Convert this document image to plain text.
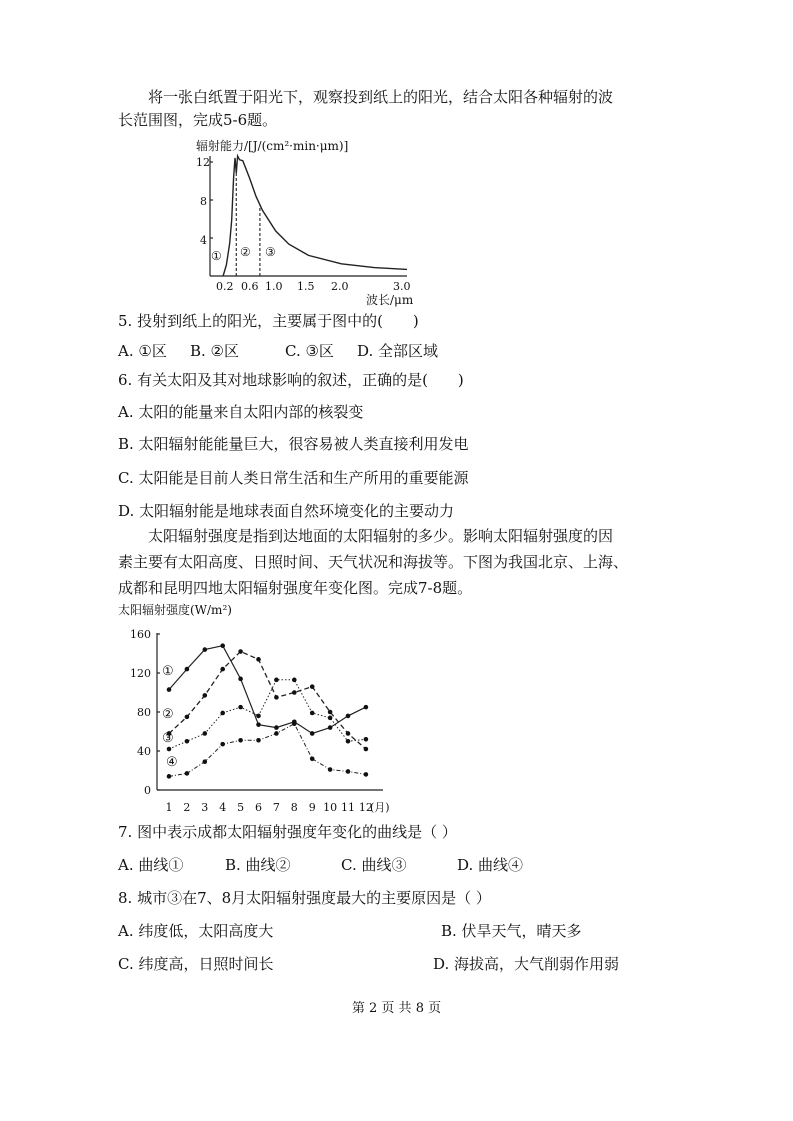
将一张白纸置于阳光下，观察投到纸上的阳光，结合太阳各种辐射的波
长范围图，完成5-6题。
辐射能力/[J/(cm²·min·μm)]
12
8
4
0.2 0.6 1.0 1.5 2.0	3.0
波长/μm
① ② ③
5. 投射到纸上的阳光，主要属于图中的(　　)
A. ①区 B. ②区	C. ③区 D. 全部区域
6. 有关太阳及其对地球影响的叙述，正确的是(　　)
A. 太阳的能量来自太阳内部的核裂变
B. 太阳辐射能能量巨大，很容易被人类直接利用发电
C. 太阳能是目前人类日常生活和生产所用的重要能源
D. 太阳辐射能是地球表面自然环境变化的主要动力
太阳辐射强度是指到达地面的太阳辐射的多少。影响太阳辐射强度的因
素主要有太阳高度、日照时间、天气状况和海拔等。下图为我国北京、上海、
成都和昆明四地太阳辐射强度年变化图。完成7-8题。
太阳辐射强度(W/m²)
160
120
80
40
0
1 2 3 4 5 6 7 8 9 10 11 12
(月)
①
②
③
④
7. 图中表示成都太阳辐射强度年变化的曲线是（ ）
A. 曲线①	B. 曲线②	C. 曲线③	D. 曲线④
8. 城市③在7、8月太阳辐射强度最大的主要原因是（ ）
A. 纬度低，太阳高度大	B. 伏旱天气，晴天多
C. 纬度高，日照时间长	D. 海拔高，大气削弱作用弱
第 2 页 共 8 页
